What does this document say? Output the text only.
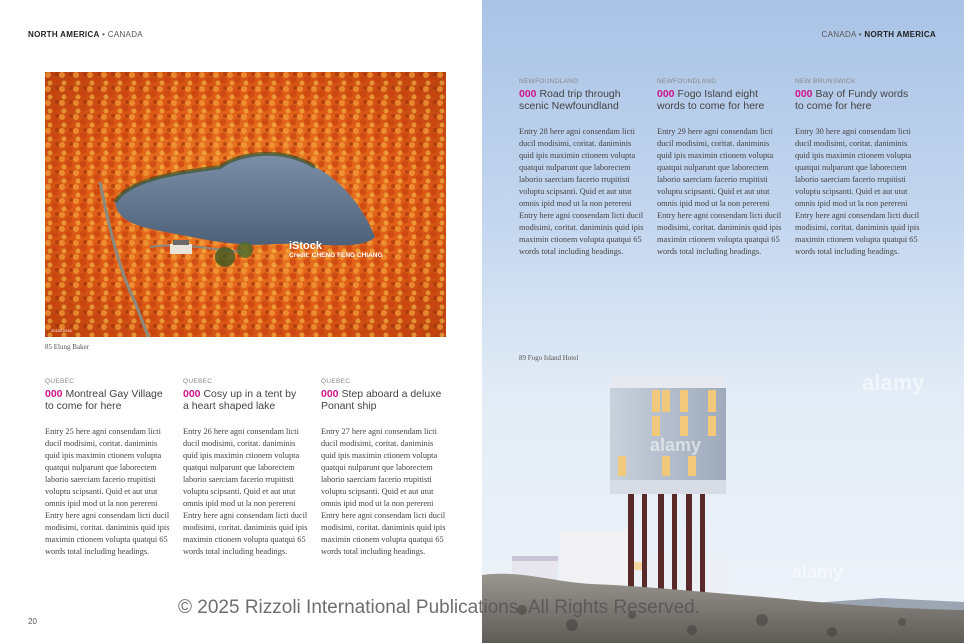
NORTH AMERICA • CANADA
iStock
Credit: CHENG FENG CHIANG
2016©2016
85 Elung Baker
QUEBEC
000 Montreal Gay Village
to come for here
Entry 25 here agni consendam licti ducil modisimi, coritat. daniminis quid ipis maximin ctionem volupta quatqui nulparunt que laborectem laborio saerciam facerio rrupitisti voluptu scipsanti. Quid et aut utut omnis ipid mod ut la non perereni Entry here agni consendam licti ducil modisimi, coritat. daniminis quid ipis maximin ctionem volupta quatqui 65 words total including headings.
QUEBEC
000 Cosy up in a tent by
a heart shaped lake
Entry 26 here agni consendam licti ducil modisimi, coritat. daniminis quid ipis maximin ctionem volupta quatqui nulparunt que laborectem laborio saerciam facerio rrupitisti voluptu scipsanti. Quid et aut utut omnis ipid mod ut la non perereni Entry here agni consendam licti ducil modisimi, coritat. daniminis quid ipis maximin ctionem volupta quatqui 65 words total including headings.
QUEBEC
000 Step aboard a deluxe
Ponant ship
Entry 27 here agni consendam licti ducil modisimi, coritat. daniminis quid ipis maximin ctionem volupta quatqui nulparunt que laborectem laborio saerciam facerio rrupitisti voluptu scipsanti. Quid et aut utut omnis ipid mod ut la non perereni Entry here agni consendam licti ducil modisimi, coritat. daniminis quid ipis maximin ctionem volupta quatqui 65 words total including headings.
20
CANADA • NORTH AMERICA
NEWFOUNDLAND
000 Road trip through
scenic Newfoundland
Entry 28 here agni consendam licti ducil modisimi, coritat. daniminis quid ipis maximin ctionem volupta quatqui nulparunt que laborectem laborio saerciam facerio rrupitisti voluptu scipsanti. Quid et aut utut omnis ipid mod ut la non perereni Entry here agni consendam licti ducil modisimi, coritat. daniminis quid ipis maximin ctionem volupta quatqui 65 words total including headings.
NEWFOUNDLAND
000 Fogo Island eight
words to come for here
Entry 29 here agni consendam licti ducil modisimi, coritat. daniminis quid ipis maximin ctionem volupta quatqui nulparunt que laborectem laborio saerciam facerio rrupitisti voluptu scipsanti. Quid et aut utut omnis ipid mod ut la non perereni Entry here agni consendam licti ducil modisimi, coritat. daniminis quid ipis maximin ctionem volupta quatqui 65 words total including headings.
NEW BRUNSWICK
000 Bay of Fundy words
to come for here
Entry 30 here agni consendam licti ducil modisimi, coritat. daniminis quid ipis maximin ctionem volupta quatqui nulparunt que laborectem laborio saerciam facerio rrupitisti voluptu scipsanti. Quid et aut utut omnis ipid mod ut la non perereni Entry here agni consendam licti ducil modisimi, coritat. daniminis quid ipis maximin ctionem volupta quatqui 65 words total including headings.
89 Fogo Island Hotel
alamy
alamy
alamy
© 2025 Rizzoli International Publications. All Rights Reserved.
